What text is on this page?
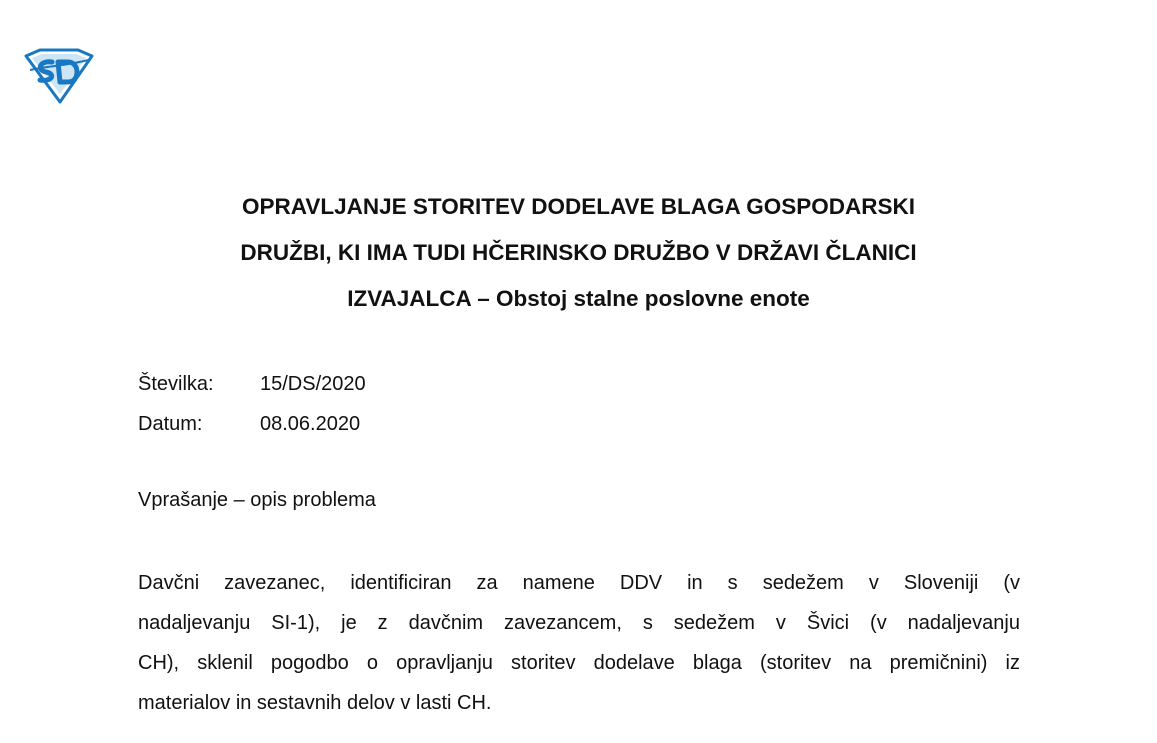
OPRAVLJANJE STORITEV DODELAVE BLAGA GOSPODARSKI
DRUŽBI, KI IMA TUDI HČERINSKO DRUŽBO V DRŽAVI ČLANICI
IZVAJALCA – Obstoj stalne poslovne enote
Številka:	15/DS/2020
Datum:	08.06.2020
Vprašanje – opis problema
Davčni zavezanec, identificiran za namene DDV in s sedežem v Sloveniji (v
nadaljevanju SI-1), je z davčnim zavezancem, s sedežem v Švici (v nadaljevanju
CH), sklenil pogodbo o opravljanju storitev dodelave blaga (storitev na premičnini) iz
materialov in sestavnih delov v lasti CH.
